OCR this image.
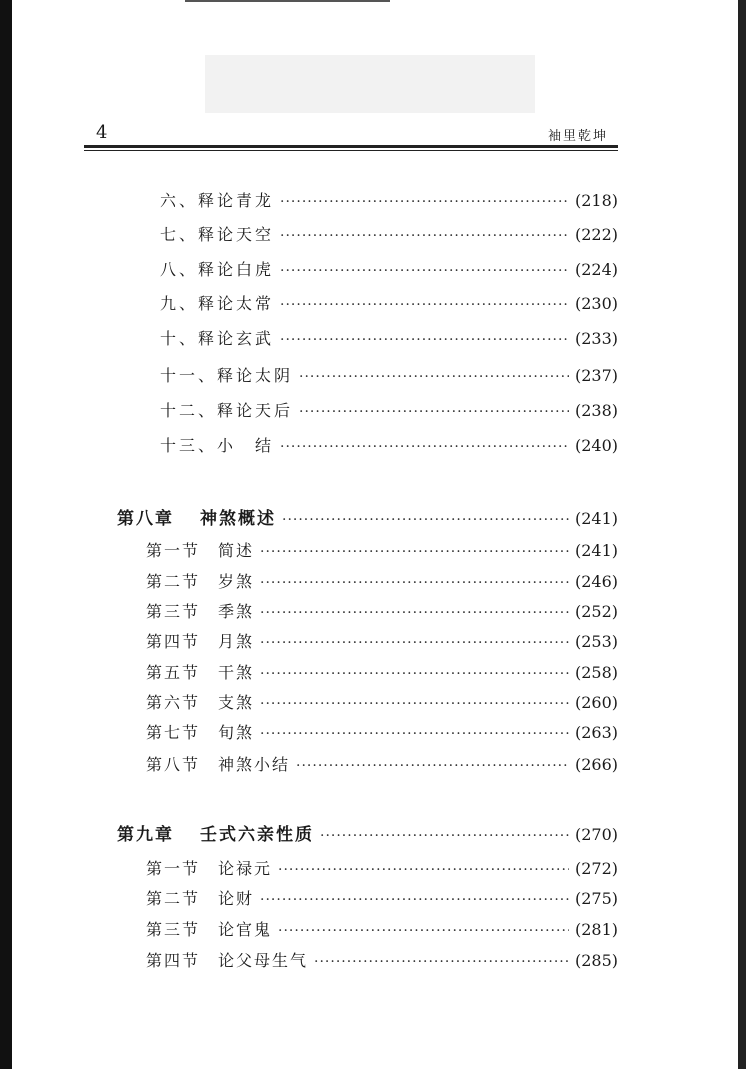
4	袖里乾坤
六、释论青龙 ·····	(218)
七、释论天空 ·····	(222)
八、释论白虎 ·····	(224)
九、释论太常 ·····	(230)
十、释论玄武 ·····	(233)
十一、释论太阴 ·····	(237)
十二、释论天后 ·····	(238)
十三、小　结 ·····	(240)
第八章 神煞概述 ·····	(241)
第一节 简述 ·····	(241)
第二节 岁煞 ·····	(246)
第三节 季煞 ·····	(252)
第四节 月煞 ·····	(253)
第五节 干煞 ·····	(258)
第六节 支煞 ·····	(260)
第七节 旬煞 ·····	(263)
第八节 神煞小结 ·····	(266)
第九章 壬式六亲性质 ·····	(270)
第一节 论禄元 ·····	(272)
第二节 论财 ·····	(275)
第三节 论官鬼 ·····	(281)
第四节 论父母生气 ·····	(285)
